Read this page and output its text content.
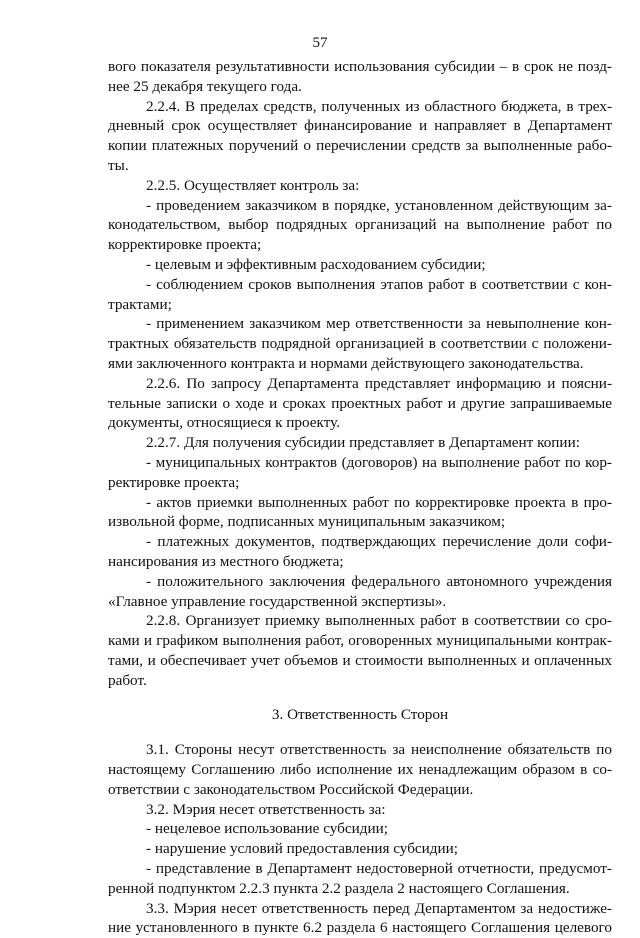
57
вого показателя результативности использования субсидии – в срок не позд-
нее 25 декабря текущего года.
2.2.4. В пределах средств, полученных из областного бюджета, в трех-
дневный срок осуществляет финансирование и направляет в Департамент
копии платежных поручений о перечислении средств за выполненные рабо-
ты.
2.2.5. Осуществляет контроль за:
- проведением заказчиком в порядке, установленном действующим за-
конодательством, выбор подрядных организаций на выполнение работ по
корректировке проекта;
- целевым и эффективным расходованием субсидии;
- соблюдением сроков выполнения этапов работ в соответствии с кон-
трактами;
- применением заказчиком мер ответственности за невыполнение кон-
трактных обязательств подрядной организацией в соответствии с положени-
ями заключенного контракта и нормами действующего законодательства.
2.2.6. По запросу Департамента представляет информацию и поясни-
тельные записки о ходе и сроках проектных работ и другие запрашиваемые
документы, относящиеся к проекту.
2.2.7. Для получения субсидии представляет в Департамент копии:
- муниципальных контрактов (договоров) на выполнение работ по кор-
ректировке проекта;
- актов приемки выполненных работ по корректировке проекта в про-
извольной форме, подписанных муниципальным заказчиком;
- платежных документов, подтверждающих перечисление доли софи-
нансирования из местного бюджета;
- положительного заключения федерального автономного учреждения
«Главное управление государственной экспертизы».
2.2.8. Организует приемку выполненных работ в соответствии со сро-
ками и графиком выполнения работ, оговоренных муниципальными контрак-
тами, и обеспечивает учет объемов и стоимости выполненных и оплаченных
работ.
3. Ответственность Сторон
3.1. Стороны несут ответственность за неисполнение обязательств по
настоящему Соглашению либо исполнение их ненадлежащим образом в со-
ответствии с законодательством Российской Федерации.
3.2. Мэрия несет ответственность за:
- нецелевое использование субсидии;
- нарушение условий предоставления субсидии;
- представление в Департамент недостоверной отчетности, предусмот-
ренной подпунктом 2.2.3 пункта 2.2 раздела 2 настоящего Соглашения.
3.3. Мэрия несет ответственность перед Департаментом за недостиже-
ние установленного в пункте 6.2 раздела 6 настоящего Соглашения целевого
